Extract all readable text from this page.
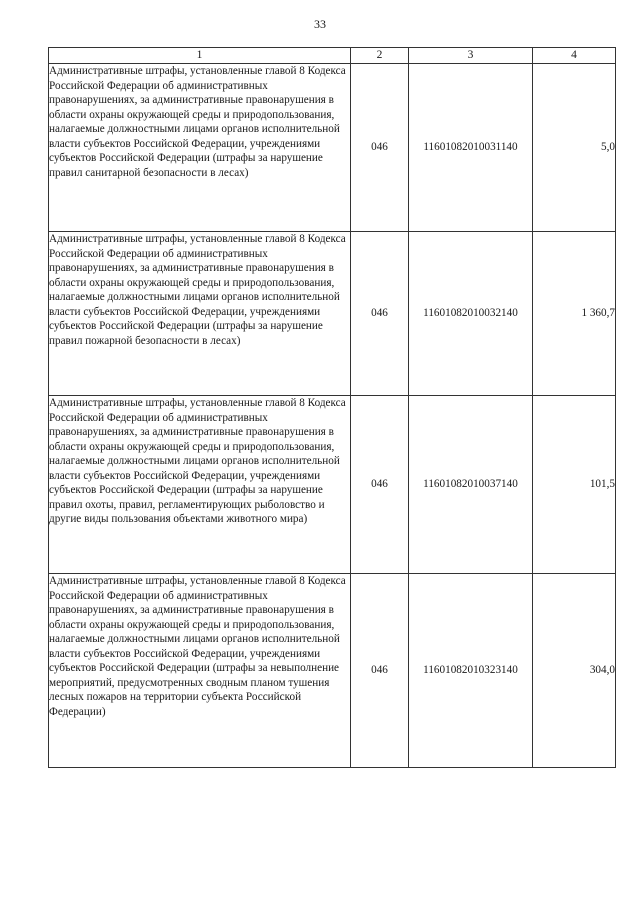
33
1	2	3	4
Административные штрафы, установленные главой 8 Кодекса Российской Федерации об административных правонарушениях, за административные правонарушения в области охраны окружающей среды и природопользования, налагаемые должностными лицами органов исполнительной власти субъектов Российской Федерации, учреждениями субъектов Российской Федерации (штрафы за нарушение правил санитарной безопасности в лесах)	046	11601082010031140	5,0
Административные штрафы, установленные главой 8 Кодекса Российской Федерации об административных правонарушениях, за административные правонарушения в области охраны окружающей среды и природопользования, налагаемые должностными лицами органов исполнительной власти субъектов Российской Федерации, учреждениями субъектов Российской Федерации (штрафы за нарушение правил пожарной безопасности в лесах)	046	11601082010032140	1 360,7
Административные штрафы, установленные главой 8 Кодекса Российской Федерации об административных правонарушениях, за административные правонарушения в области охраны окружающей среды и природопользования, налагаемые должностными лицами органов исполнительной власти субъектов Российской Федерации, учреждениями субъектов Российской Федерации (штрафы за нарушение правил охоты, правил, регламентирующих рыболовство и другие виды пользования объектами животного мира)	046	11601082010037140	101,5
Административные штрафы, установленные главой 8 Кодекса Российской Федерации об административных правонарушениях, за административные правонарушения в области охраны окружающей среды и природопользования, налагаемые должностными лицами органов исполнительной власти субъектов Российской Федерации, учреждениями субъектов Российской Федерации (штрафы за невыполнение мероприятий, предусмотренных сводным планом тушения лесных пожаров на территории субъекта Российской Федерации)	046	11601082010323140	304,0
